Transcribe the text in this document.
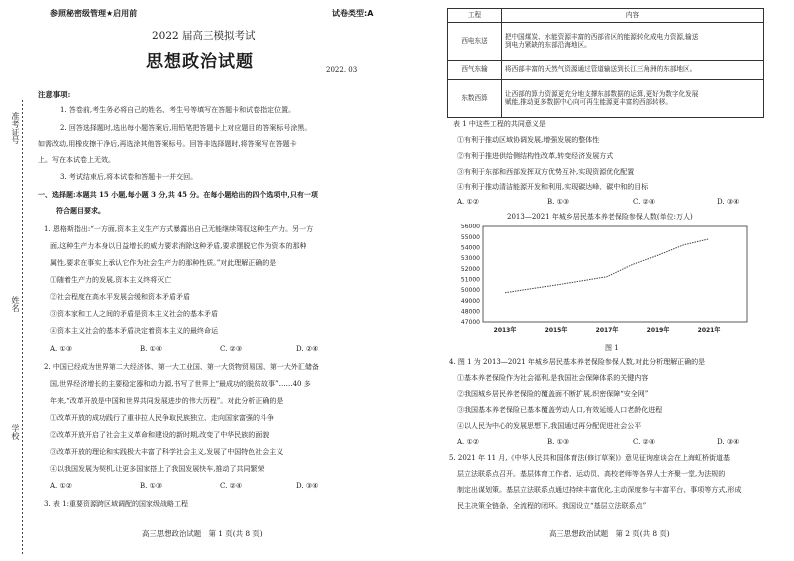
参照秘密级管理★启用前	试卷类型:A
准考证号
姓名
学校
2022 届高三模拟考试
思想政治试题	2022. 03
注意事项:
1. 答卷前,考生务必将自己的姓名、考生号等填写在答题卡和试卷指定位置。
2. 回答选择题时,选出每小题答案后,用铅笔把答题卡上对应题目的答案标号涂黑。
如需改动,用橡皮擦干净后,再选涂其他答案标号。回答非选择题时,将答案写在答题卡
上。写在本试卷上无效。
3. 考试结束后,将本试卷和答题卡一并交回。
一、选择题:本题共 15 小题,每小题 3 分,共 45 分。在每小题给出的四个选项中,只有一项
符合题目要求。
1. 恩格斯指出:“一方面,资本主义生产方式暴露出自己无能继续驾驭这种生产力。另一方
面,这种生产力本身以日益增长的威力要求消除这种矛盾,要求摆脱它作为资本的那种
属性,要求在事实上承认它作为社会生产力的那种性质。”对此理解正确的是
①随着生产力的发展,资本主义终将灭亡
②社会程度在高水平发展会缓和资本矛盾矛盾
③资本家和工人之间的矛盾是资本主义社会的基本矛盾
④资本主义社会的基本矛盾决定着资本主义的最终命运
A. ①③	B. ①④	C. ②③	D. ②④
2. 中国已经成为世界第二大经济体、第一大工业国、第一大货物贸易国、第一大外汇储备
国,世界经济增长的主要稳定器和动力源,书写了世界上“最成功的脱贫故事”……40 多
年来,“改革开放是中国和世界共同发展进步的伟大历程”。对此分析正确的是
①改革开放的成功践行了重非拉人民争取民族独立、走向国家富强的斗争
②改革开放开启了社会主义革命和建设的新时期,改变了中华民族的面貌
③改革开放的理论和实践极大丰富了科学社会主义,发展了中国特色社会主义
④以我国发展为契机,让更多国家搭上了我国发展快车,推动了共同繁荣
A. ①②	B. ①③	C. ②④	D. ③④
3. 表 1:重要资源跨区域调配的国家级战略工程
高三思想政治试题　第 1 页(共 8 页)
工程	内容
西电东送	把中国煤炭、水能资源丰富的西部省区的能源转化成电力资源,输送
到电力紧缺的东部沿海地区。

西气东输	将西部丰富的天然气资源通过管道输送到长江三角洲的东部地区。

东数西算	让西部的算力资源更充分地支撑东部数据的运算,更好为数字化发展
赋能,推动更多数据中心向可再生能源更丰富的西部转移。
表 1 中这些工程的共同意义是
①有利于推动区域协调发展,增强发展的整体性
②有利于推进供给侧结构性改革,转变经济发展方式
③有利于东部和西部发挥双方优势互补,实现资源优化配置
④有利于推动清洁能源开发和利用,实现碳达峰、碳中和的目标
A. ①②	B. ①③	C. ②④	D. ③④
2013—2021 年城乡居民基本养老保险参保人数(单位:万人)
56000
55000
54000
53000
52000
51000
50000
49000
48000
47000
2013年	2015年	2017年	2019年	2021年
图 1
4. 图 1 为 2013—2021 年城乡居民基本养老保险参保人数,对此分析理解正确的是
①基本养老保险作为社会福利,是我国社会保障体系的关键内容
②我国城乡居民养老保险的覆盖面不断扩展,织密保障“安全网”
③我国基本养老保险已基本覆盖劳动人口,有效延缓人口老龄化进程
④以人民为中心的发展思想下,我国通过再分配促进社会公平
A. ①②	B. ①③	C. ②④	D. ③④
5. 2021 年 11 月,《中华人民共和国体育法(修订草案)》意见征询座谈会在上海虹桥街道基
层立法联系点召开。基层体育工作者、运动员、高校老师等各界人士齐聚一堂,为法规的
制定出谋划策。基层立法联系点通过持续丰富优化,主动深度参与丰富平台、事项等方式,形成
民主决策全链条、全流程的闭环。我国设立“基层立法联系点”
高三思想政治试题　第 2 页(共 8 页)
